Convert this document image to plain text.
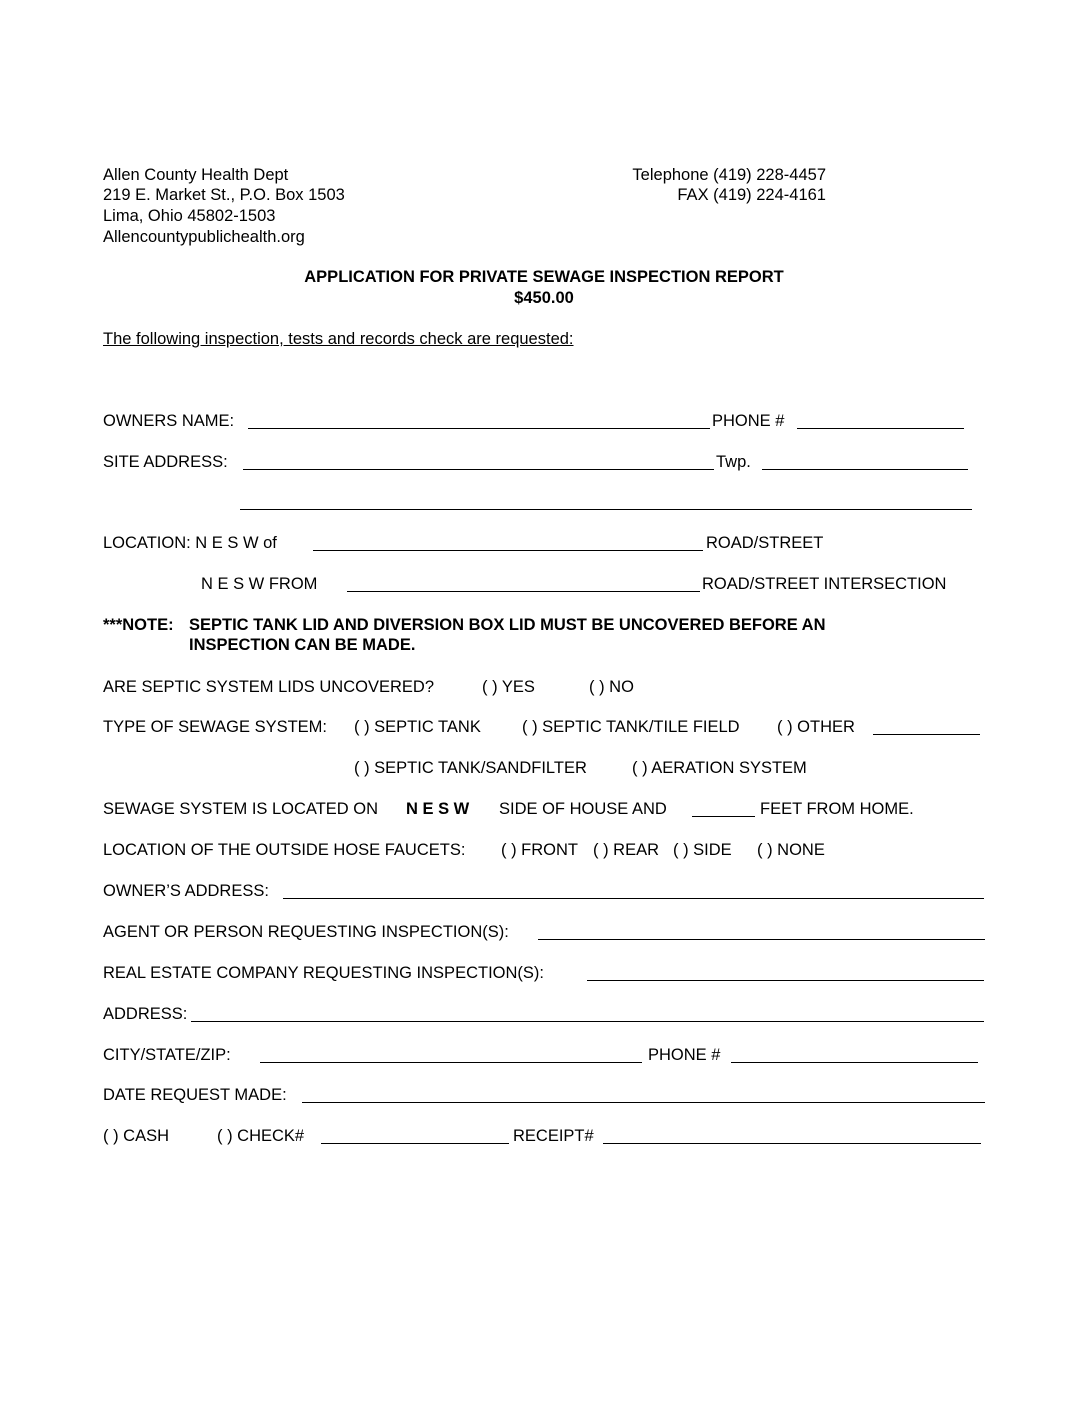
Allen County Health Dept
219 E. Market St., P.O. Box 1503
Lima, Ohio 45802-1503
Allencountypublichealth.org
Telephone (419) 228-4457
FAX (419) 224-4161
APPLICATION FOR PRIVATE SEWAGE INSPECTION REPORT
$450.00
The following inspection, tests and records check are requested:
OWNERS NAME:	PHONE #
SITE ADDRESS:	Twp.
LOCATION: N E S W of	ROAD/STREET
N E S W FROM	ROAD/STREET INTERSECTION
***NOTE: SEPTIC TANK LID AND DIVERSION BOX LID MUST BE UNCOVERED BEFORE AN
INSPECTION CAN BE MADE.
ARE SEPTIC SYSTEM LIDS UNCOVERED?	( ) YES	( ) NO
TYPE OF SEWAGE SYSTEM: ( ) SEPTIC TANK ( ) SEPTIC TANK/TILE FIELD ( ) OTHER
( ) SEPTIC TANK/SANDFILTER	( ) AERATION SYSTEM
SEWAGE SYSTEM IS LOCATED ON N E S W SIDE OF HOUSE AND	FEET FROM HOME.
LOCATION OF THE OUTSIDE HOSE FAUCETS: ( ) FRONT ( ) REAR ( ) SIDE ( ) NONE
OWNER’S ADDRESS:
AGENT OR PERSON REQUESTING INSPECTION(S):
REAL ESTATE COMPANY REQUESTING INSPECTION(S):
ADDRESS:
CITY/STATE/ZIP:	PHONE #
DATE REQUEST MADE:
( ) CASH	( ) CHECK#	RECEIPT#
